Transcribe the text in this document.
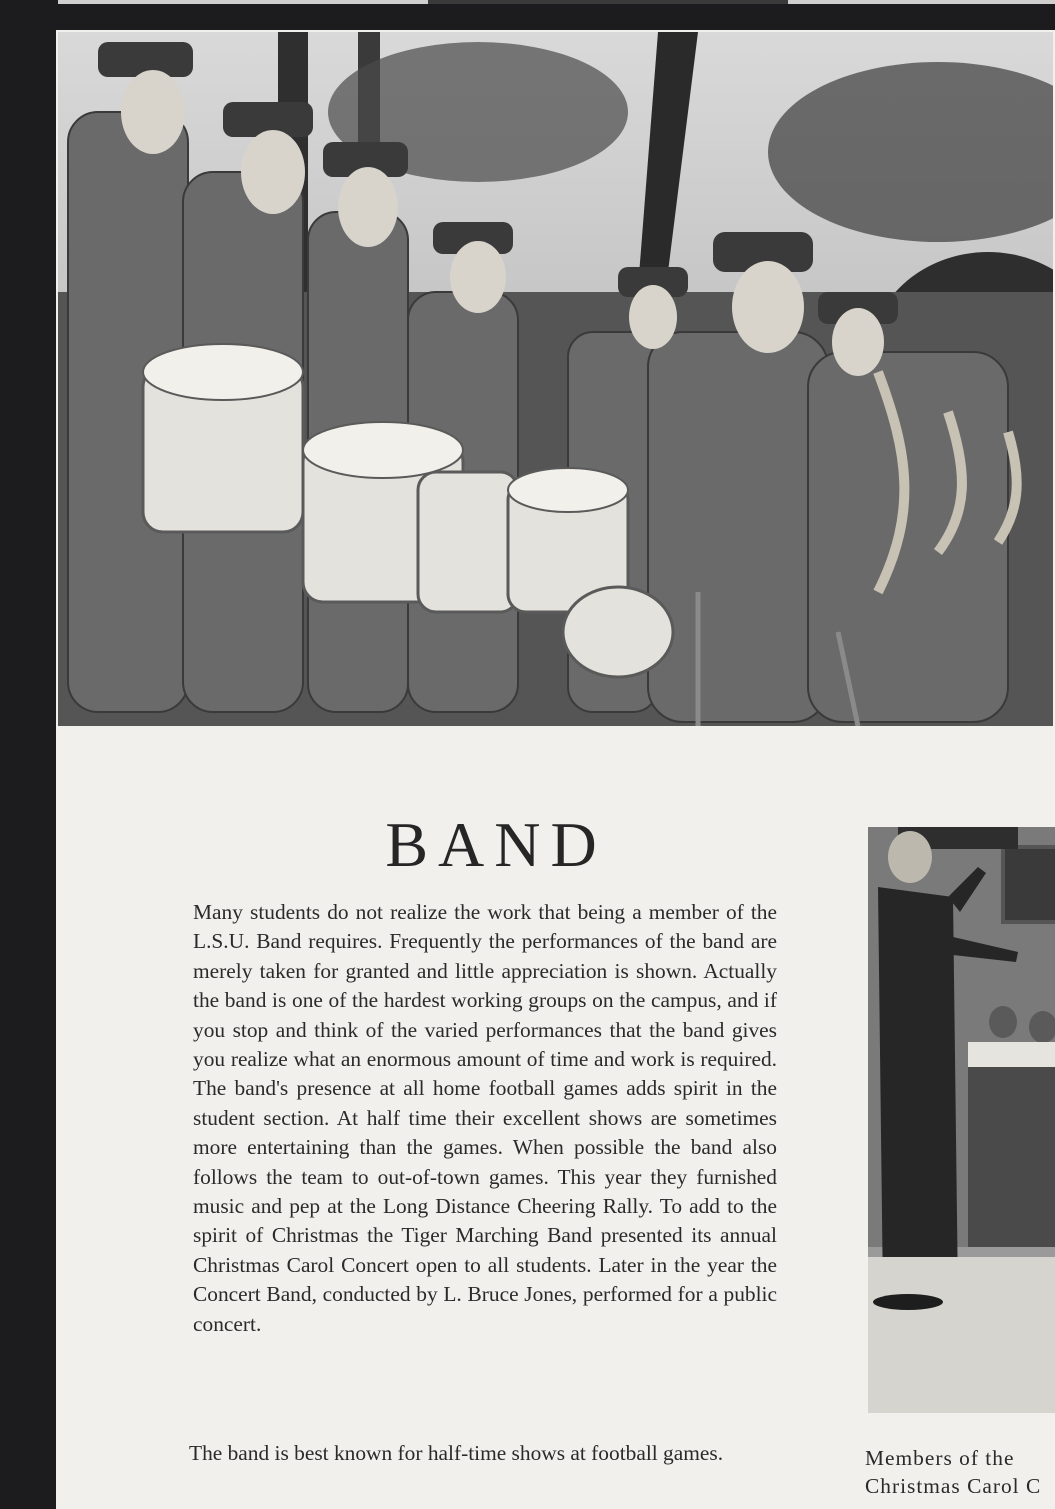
BAND

Many students do not realize the work that being a member of the L.S.U. Band requires. Frequently the performances of the band are merely taken for granted and little appreciation is shown. Actually the band is one of the hardest working groups on the campus, and if you stop and think of the varied performances that the band gives you realize what an enormous amount of time and work is required. The band's presence at all home football games adds spirit in the student section. At half time their excellent shows are sometimes more entertaining than the games. When possible the band also follows the team to out-of-town games. This year they furnished music and pep at the Long Distance Cheering Rally. To add to the spirit of Christmas the Tiger Marching Band presented its annual Christmas Carol Concert open to all students. Later in the year the Concert Band, conducted by L. Bruce Jones, performed for a public concert.

The band is best known for half-time shows at football games.	Members of the
Christmas Carol C
